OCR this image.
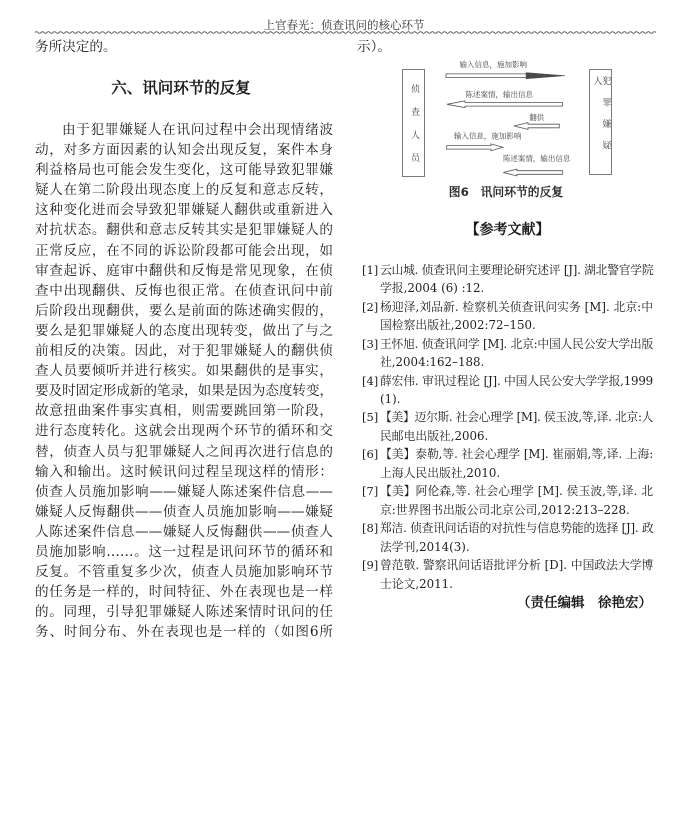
上官春光：侦查讯问的核心环节
务所决定的。
六、讯问环节的反复
由于犯罪嫌疑人在讯问过程中会出现情绪波
动，对多方面因素的认知会出现反复，案件本身
利益格局也可能会发生变化，这可能导致犯罪嫌
疑人在第二阶段出现态度上的反复和意志反转，
这种变化进而会导致犯罪嫌疑人翻供或重新进入
对抗状态。翻供和意志反转其实是犯罪嫌疑人的
正常反应，在不同的诉讼阶段都可能会出现，如
审查起诉、庭审中翻供和反悔是常见现象，在侦
查中出现翻供、反悔也很正常。在侦查讯问中前
后阶段出现翻供，要么是前面的陈述确实假的，
要么是犯罪嫌疑人的态度出现转变，做出了与之
前相反的决策。因此，对于犯罪嫌疑人的翻供侦
查人员要倾听并进行核实。如果翻供的是事实，
要及时固定形成新的笔录，如果是因为态度转变，
故意扭曲案件事实真相，则需要跳回第一阶段，
进行态度转化。这就会出现两个环节的循环和交
替，侦查人员与犯罪嫌疑人之间再次进行信息的
输入和输出。这时候讯问过程呈现这样的情形：
侦查人员施加影响——嫌疑人陈述案件信息——
嫌疑人反悔翻供——侦查人员施加影响——嫌疑
人陈述案件信息——嫌疑人反悔翻供——侦查人
员施加影响……。这一过程是讯问环节的循环和
反复。不管重复多少次，侦查人员施加影响环节
的任务是一样的，时间特征、外在表现也是一样
的。同理，引导犯罪嫌疑人陈述案情时讯问的任
务、时间分布、外在表现也是一样的（如图6所
示）。
侦查人员	犯罪嫌疑人
输入信息，施加影响
陈述案情，输出信息
翻供
输入信息，施加影响
陈述案情，输出信息
图6　讯问环节的反复
【参考文献】
[1] 云山城. 侦查讯问主要理论研究述评 [J]. 湖北警官学院
学报,2004 (6) :12.
[2] 杨迎泽,刘品新. 检察机关侦查讯问实务 [M]. 北京:中
国检察出版社,2002:72–150.
[3] 王怀旭. 侦查讯问学 [M]. 北京:中国人民公安大学出版
社,2004:162–188.
[4] 薛宏伟. 审讯过程论 [J]. 中国人民公安大学学报,1999
(1).
[5] 【美】迈尔斯. 社会心理学 [M]. 侯玉波,等,译. 北京:人
民邮电出版社,2006.
[6] 【美】泰勒,等. 社会心理学 [M]. 崔丽娟,等,译. 上海:
上海人民出版社,2010.
[7] 【美】阿伦森,等. 社会心理学 [M]. 侯玉波,等,译. 北
京:世界图书出版公司北京公司,2012:213–228.
[8] 郑洁. 侦查讯问话语的对抗性与信息势能的选择 [J]. 政
法学刊,2014(3).
[9] 曾范敬. 警察讯问话语批评分析 [D]. 中国政法大学博
士论文,2011.
（责任编辑　徐艳宏）
